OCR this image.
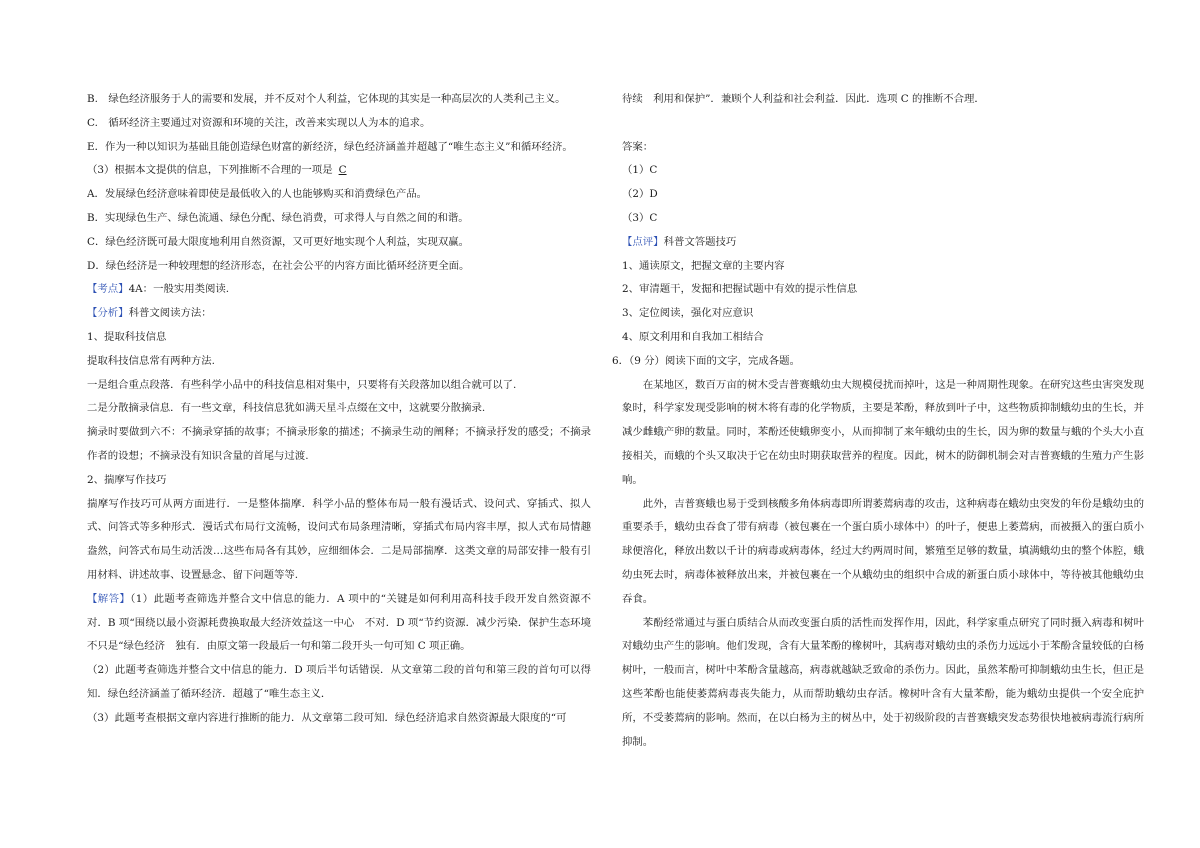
B.　绿色经济服务于人的需要和发展，并不反对个人利益，它体现的其实是一种高层次的人类利己主义。
C.　循环经济主要通过对资源和环境的关注，改善来实现以人为本的追求。
E．作为一种以知识为基础且能创造绿色财富的新经济，绿色经济涵盖并超越了“唯生态主义”和循环经济。
（3）根据本文提供的信息，下列推断不合理的一项是 C
A．发展绿色经济意味着即使是最低收入的人也能够购买和消费绿色产品。
B．实现绿色生产、绿色流通、绿色分配、绿色消费，可求得人与自然之间的和谐。
C．绿色经济既可最大限度地利用自然资源，又可更好地实现个人利益，实现双赢。
D．绿色经济是一种较理想的经济形态，在社会公平的内容方面比循环经济更全面。
【考点】4A：一般实用类阅读.
【分析】科普文阅读方法：
1、提取科技信息
提取科技信息常有两种方法.
一是组合重点段落．有些科学小品中的科技信息相对集中，只要将有关段落加以组合就可以了.
二是分散摘录信息．有一些文章，科技信息犹如满天星斗点缀在文中，这就要分散摘录.
摘录时要做到六不：不摘录穿插的故事；不摘录形象的描述；不摘录生动的阐释；不摘录抒发的感受；不摘录作者的设想；不摘录没有知识含量的首尾与过渡.
2、揣摩写作技巧
揣摩写作技巧可从两方面进行．一是整体揣摩．科学小品的整体布局一般有漫话式、设问式、穿插式、拟人式、问答式等多种形式．漫话式布局行文流畅，设问式布局条理清晰，穿插式布局内容丰厚，拟人式布局情趣盎然，问答式布局生动活泼…这些布局各有其妙，应细细体会．二是局部揣摩．这类文章的局部安排一般有引用材料、讲述故事、设置悬念、留下问题等等.
【解答】（1）此题考查筛选并整合文中信息的能力．A 项中的“关键是如何利用高科技手段开发自然资源不对．B 项“围绕以最小资源耗费换取最大经济效益这一中心　不对．D 项“节约资源．减少污染．保护生态环境　不只是“绿色经济　独有．由原文第一段最后一句和第二段开头一句可知 C 项正确。
（2）此题考查筛选并整合文中信息的能力．D 项后半句话错误．从文章第二段的首句和第三段的首句可以得知．绿色经济涵盖了循环经济．超越了“唯生态主义．
（3）此题考查根据文章内容进行推断的能力．从文章第二段可知．绿色经济追求自然资源最大限度的“可
待续　利用和保护”．兼顾个人利益和社会利益．因此．选项 C 的推断不合理．
答案：
（1）C
（2）D
（3）C
【点评】科普文答题技巧
1、通读原文，把握文章的主要内容
2、审清题干，发掘和把握试题中有效的提示性信息
3、定位阅读，强化对应意识
4、原文利用和自我加工相结合
6．（9 分）阅读下面的文字，完成各题。
在某地区，数百万亩的树木受吉普赛蛾幼虫大规模侵扰而掉叶，这是一种周期性现象。在研究这些虫害突发现象时，科学家发现受影响的树木将有毒的化学物质，主要是苯酚，释放到叶子中，这些物质抑制蛾幼虫的生长，并减少雌蛾产卵的数量。同时，苯酚还使蛾卵变小，从而抑制了来年蛾幼虫的生长，因为卵的数量与蛾的个头大小直接相关，而蛾的个头又取决于它在幼虫时期获取营养的程度。因此，树木的防御机制会对吉普赛蛾的生殖力产生影响。
此外，吉普赛蛾也易于受到核酸多角体病毒即所谓萎蔫病毒的攻击，这种病毒在蛾幼虫突发的年份是蛾幼虫的重要杀手，蛾幼虫吞食了带有病毒（被包裹在一个蛋白质小球体中）的叶子，便患上萎蔫病，而被摄入的蛋白质小球便溶化，释放出数以千计的病毒或病毒体，经过大约两周时间，繁殖至足够的数量，填满蛾幼虫的整个体腔，蛾幼虫死去时，病毒体被释放出来，并被包裹在一个从蛾幼虫的组织中合成的新蛋白质小球体中，等待被其他蛾幼虫吞食。
苯酚经常通过与蛋白质结合从而改变蛋白质的活性而发挥作用，因此，科学家重点研究了同时摄入病毒和树叶对蛾幼虫产生的影响。他们发现，含有大量苯酚的橡树叶，其病毒对蛾幼虫的杀伤力远远小于苯酚含量较低的白杨树叶，一般而言，树叶中苯酚含量越高，病毒就越缺乏致命的杀伤力。因此，虽然苯酚可抑制蛾幼虫生长，但正是这些苯酚也能使萎蔫病毒丧失能力，从而帮助蛾幼虫存活。橡树叶含有大量苯酚，能为蛾幼虫提供一个安全庇护所，不受萎蔫病的影响。然而，在以白杨为主的树丛中，处于初级阶段的吉普赛蛾突发态势很快地被病毒流行病所抑制。
